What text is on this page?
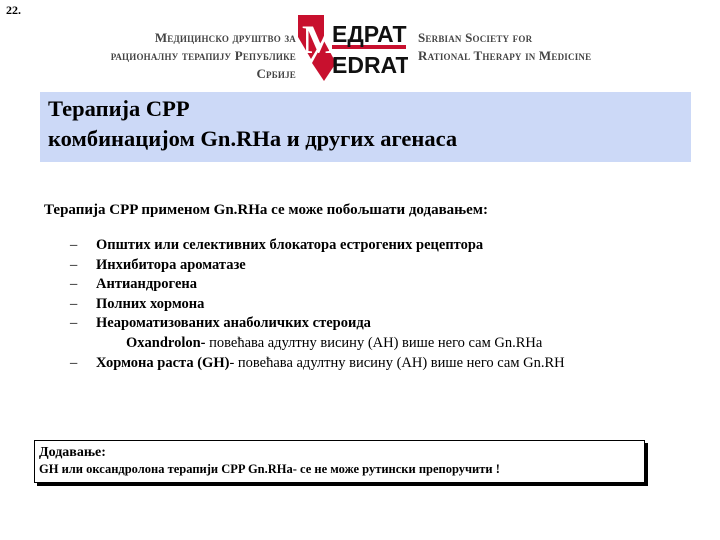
22.
Медицинско друштво за
рационалну терапију Републике Србије
M
ЕДРАТ
EDRAT
Serbian Society for
Rational Therapy in Medicine
Терапија CPP
комбинацијом Gn.RHa и других агенаса
Терапија CPP применом Gn.RHa се може побољшати додавањем:
–	Општих или селективних блокатора естрогених рецептора
–	Инхибитора ароматазе
–	Антиандрогена
–	Полних хормона
–	Неароматизованих анаболичких стероида
Oxandrolon- повећава адултну висину (АН) више него сам Gn.RHa
–	Хормона раста (GH)- повећава адултну висину (АН) више него сам Gn.RH
Додавање:
GH или оксандролона терапији CPP Gn.RHa- се не може рутински препоручити !
